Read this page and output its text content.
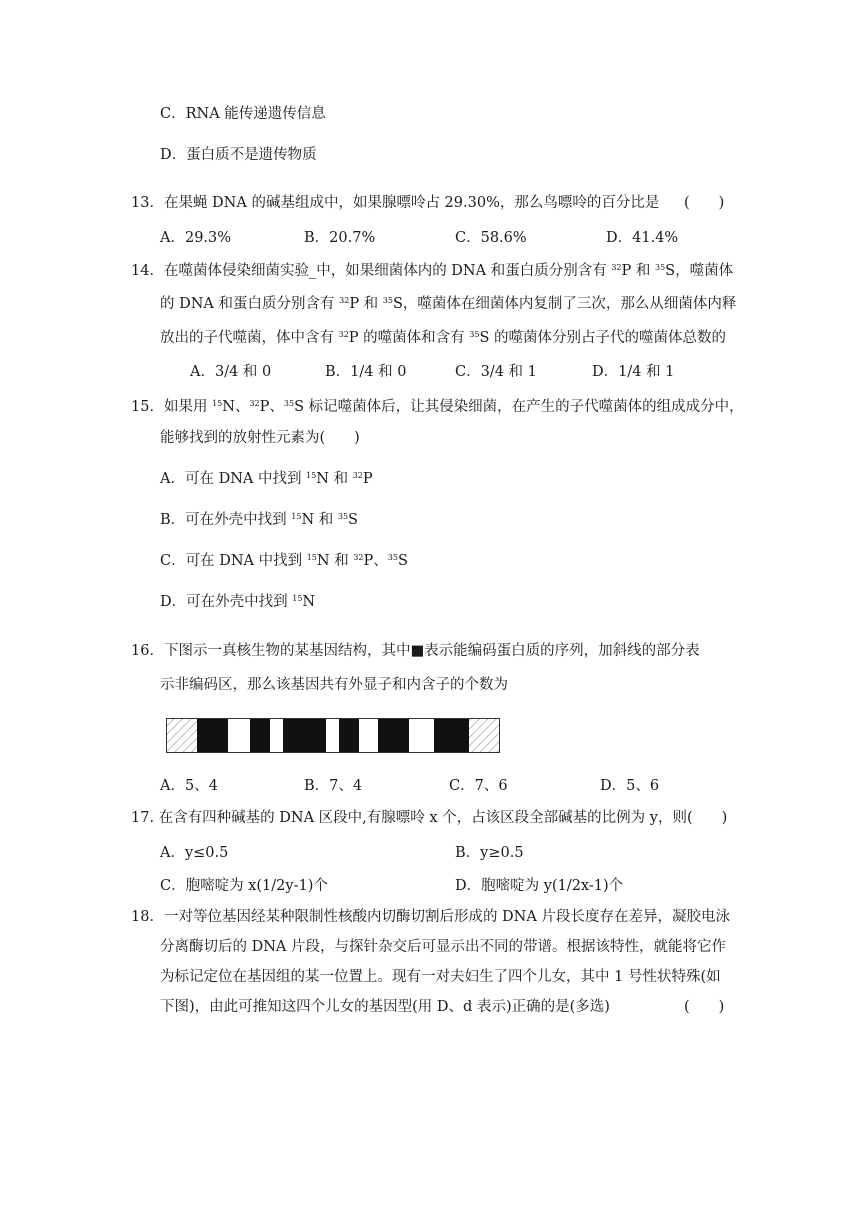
C．RNA 能传递遗传信息
D．蛋白质不是遗传物质
13．在果蝇 DNA 的碱基组成中，如果腺嘌呤占 29.30%，那么鸟嘌呤的百分比是 (　　)
A．29.3%	B．20.7%	C．58.6%	D．41.4%
14．在噬菌体侵染细菌实验_中，如果细菌体内的 DNA 和蛋白质分别含有 $^{32}$P 和 $^{35}$S，噬菌体
的 DNA 和蛋白质分别含有 $^{32}$P 和 $^{35}$S，噬菌体在细菌体内复制了三次，那么从细菌体内释
放出的子代噬菌，体中含有 $^{32}$P 的噬菌体和含有 $^{35}$S 的噬菌体分别占子代的噬菌体总数的
A．3/4 和 0	B．1/4 和 0	C．3/4 和 1	D．1/4 和 1
15．如果用 $^{15}$N、$^{32}$P、$^{35}$S 标记噬菌体后，让其侵染细菌，在产生的子代噬菌体的组成成分中，
能够找到的放射性元素为(　　)
A．可在 DNA 中找到 $^{15}$N 和 $^{32}$P
B．可在外壳中找到 $^{15}$N 和 $^{35}$S
C．可在 DNA 中找到 $^{15}$N 和 $^{32}$P、$^{35}$S
D．可在外壳中找到 $^{15}$N
16．下图示一真核生物的某基因结构，其中■表示能编码蛋白质的序列，加斜线的部分表
示非编码区，那么该基因共有外显子和内含子的个数为
A．5、4	B．7、4	C．7、6	D．5、6
17. 在含有四种碱基的 DNA 区段中,有腺嘌呤 x 个，占该区段全部碱基的比例为 y，则(　　)
A．y≤0.5	B．y≥0.5
C．胞嘧啶为 x(1/2y-1)个	D．胞嘧啶为 y(1/2x-1)个
18．一对等位基因经某种限制性核酸内切酶切割后形成的 DNA 片段长度存在差异，凝胶电泳
分离酶切后的 DNA 片段，与探针杂交后可显示出不同的带谱。根据该特性，就能将它作
为标记定位在基因组的某一位置上。现有一对夫妇生了四个儿女，其中 1 号性状特殊(如
下图)，由此可推知这四个儿女的基因型(用 D、d 表示)正确的是(多选)	(　　)
